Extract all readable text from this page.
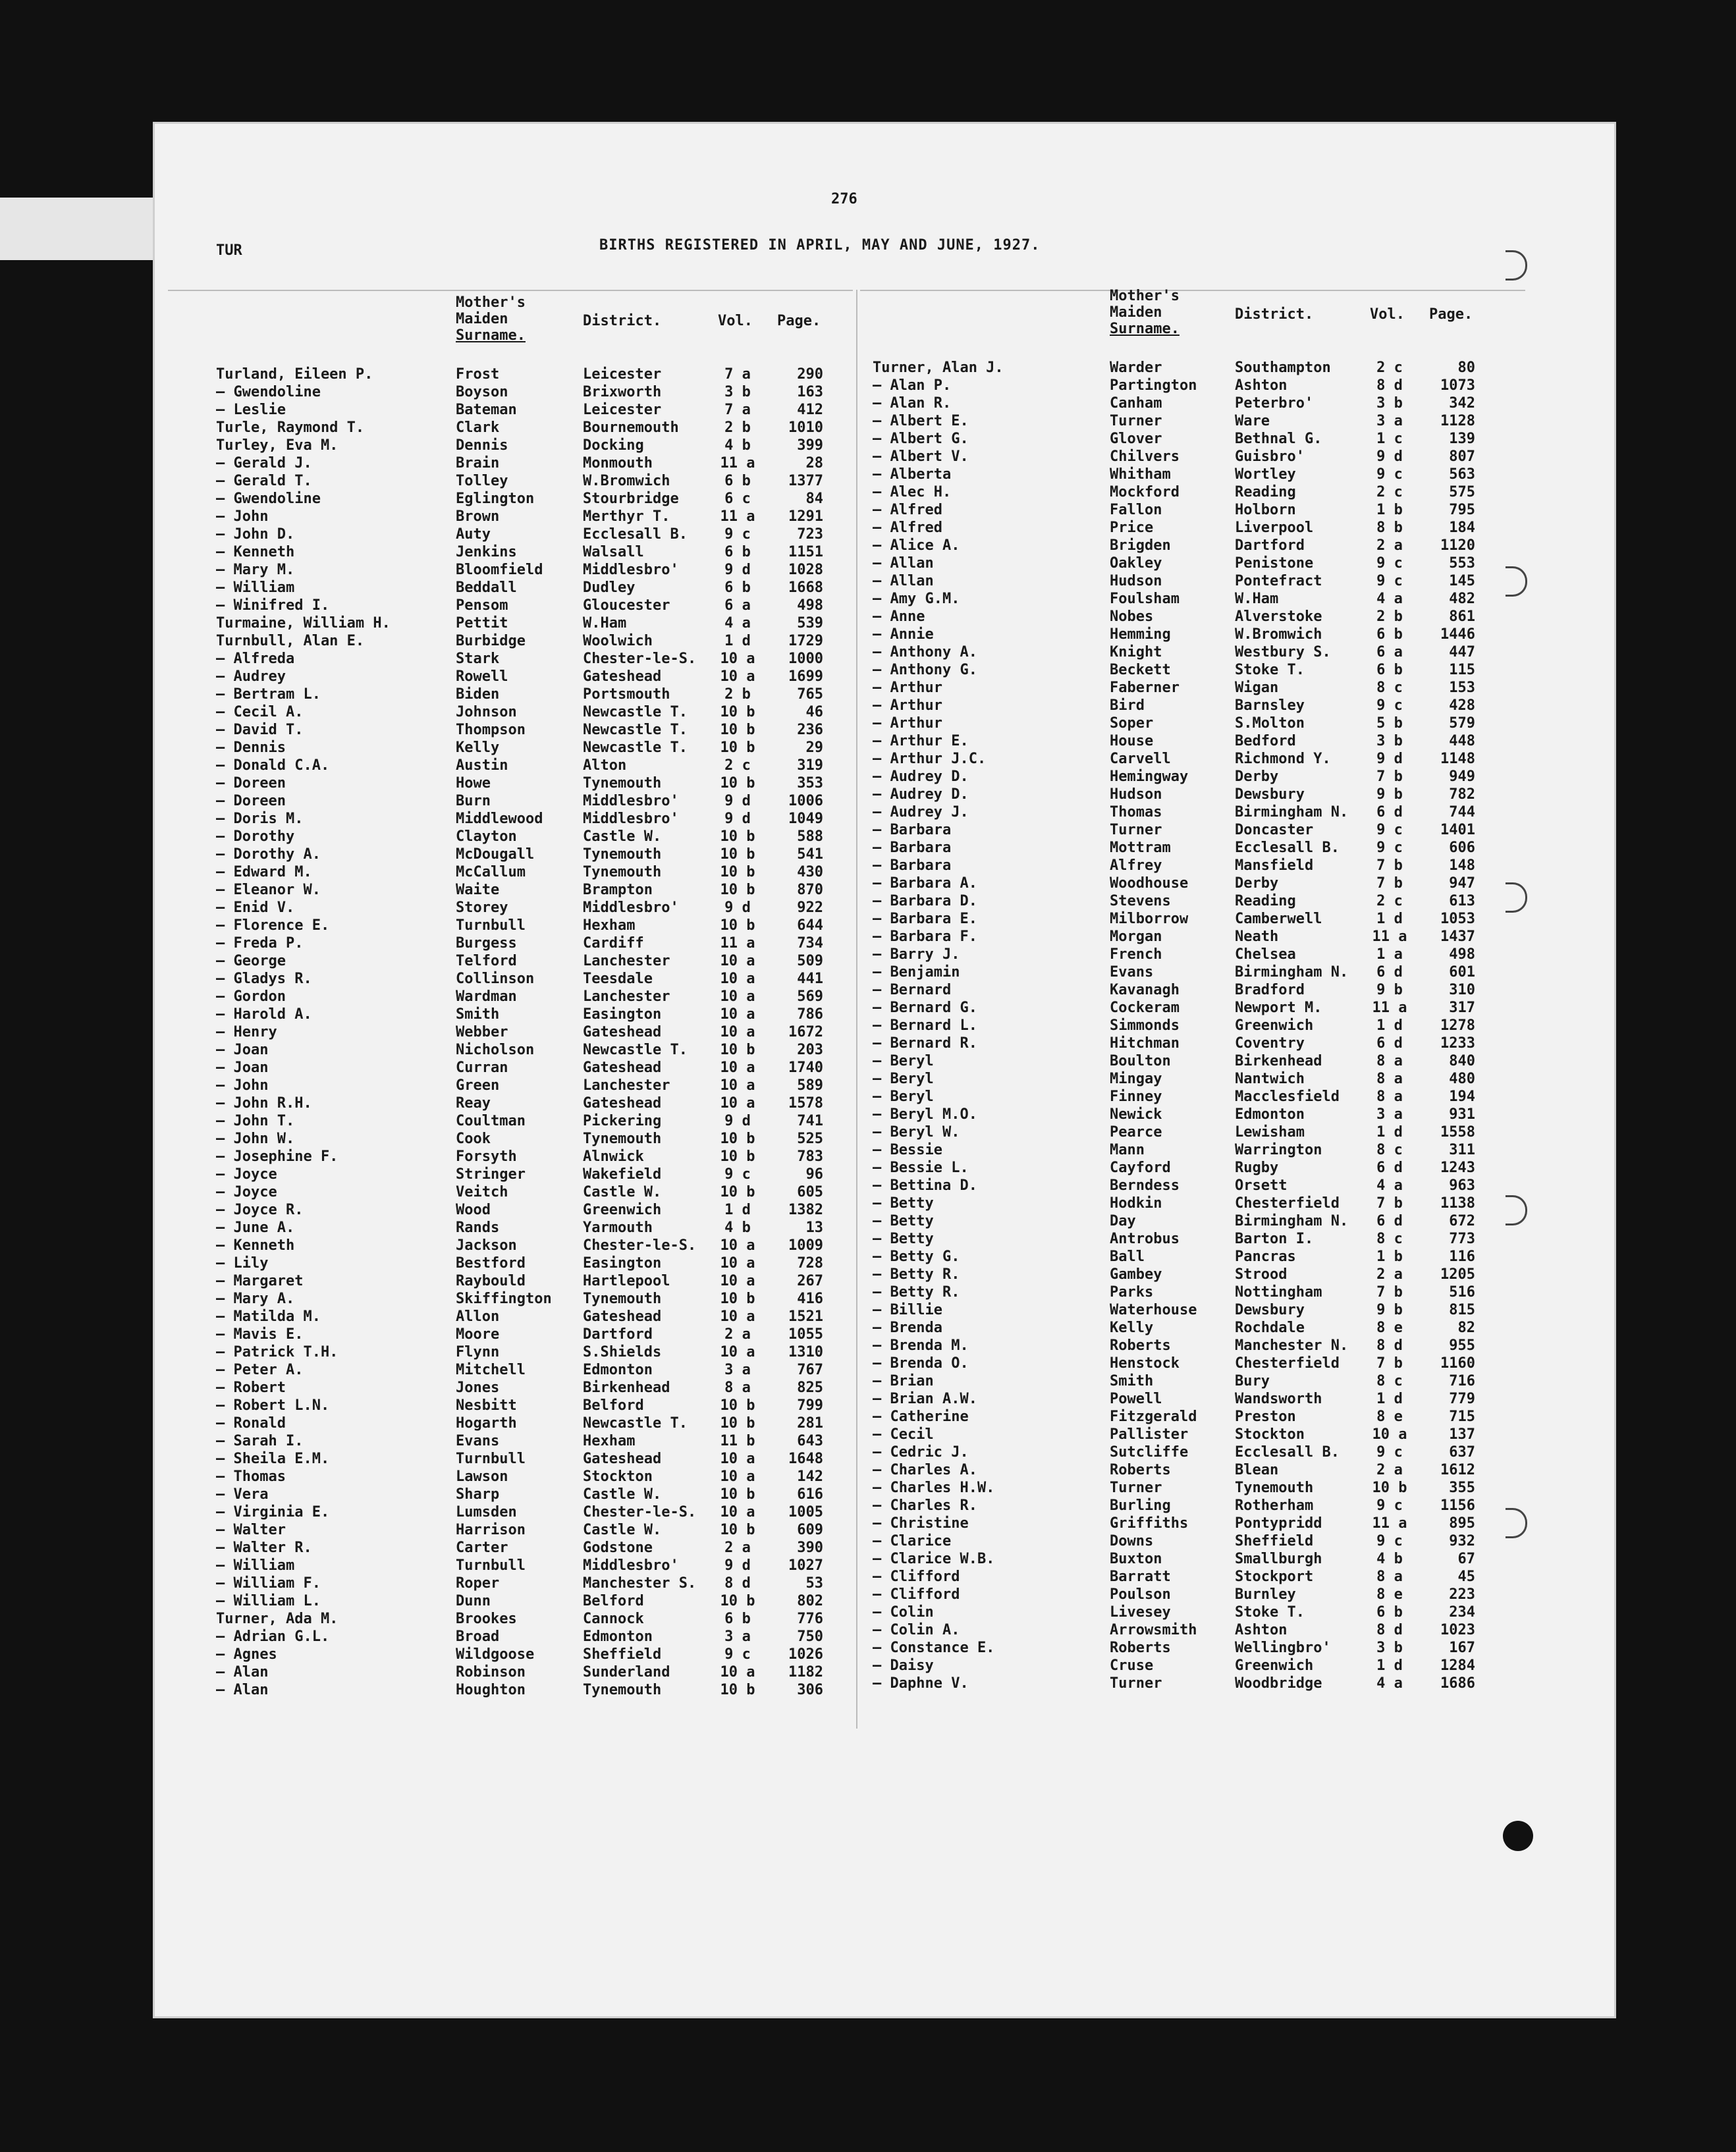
276
TUR	BIRTHS REGISTERED IN APRIL, MAY AND JUNE, 1927.
Mother's
Maiden
Surname.
District.	Vol. Page.
Mother's
Maiden
Surname.
District.	Vol. Page.
Turland, Eileen P.	Frost	Leicester	7 a	290
— Gwendoline	Boyson	Brixworth	3 b	163
— Leslie	Bateman	Leicester	7 a	412
Turle, Raymond T.	Clark	Bournemouth	2 b	1010
Turley, Eva M.	Dennis	Docking	4 b	399
— Gerald J.	Brain	Monmouth	11 a	28
— Gerald T.	Tolley	W.Bromwich	6 b	1377
— Gwendoline	Eglington	Stourbridge	6 c	84
— John	Brown	Merthyr T.	11 a	1291
— John D.	Auty	Ecclesall B.	9 c	723
— Kenneth	Jenkins	Walsall	6 b	1151
— Mary M.	Bloomfield	Middlesbro'	9 d	1028
— William	Beddall	Dudley	6 b	1668
— Winifred I.	Pensom	Gloucester	6 a	498
Turmaine, William H.	Pettit	W.Ham	4 a	539
Turnbull, Alan E.	Burbidge	Woolwich	1 d	1729
— Alfreda	Stark	Chester-le-S. 10 a	1000
— Audrey	Rowell	Gateshead	10 a	1699
— Bertram L.	Biden	Portsmouth	2 b	765
— Cecil A.	Johnson	Newcastle T. 10 b	46
— David T.	Thompson	Newcastle T. 10 b	236
— Dennis	Kelly	Newcastle T. 10 b	29
— Donald C.A.	Austin	Alton	2 c	319
— Doreen	Howe	Tynemouth	10 b	353
— Doreen	Burn	Middlesbro'	9 d	1006
— Doris M.	Middlewood	Middlesbro'	9 d	1049
— Dorothy	Clayton	Castle W.	10 b	588
— Dorothy A.	McDougall	Tynemouth	10 b	541
— Edward M.	McCallum	Tynemouth	10 b	430
— Eleanor W.	Waite	Brampton	10 b	870
— Enid V.	Storey	Middlesbro'	9 d	922
— Florence E.	Turnbull	Hexham	10 b	644
— Freda P.	Burgess	Cardiff	11 a	734
— George	Telford	Lanchester	10 a	509
— Gladys R.	Collinson	Teesdale	10 a	441
— Gordon	Wardman	Lanchester	10 a	569
— Harold A.	Smith	Easington	10 a	786
— Henry	Webber	Gateshead	10 a	1672
— Joan	Nicholson	Newcastle T. 10 b	203
— Joan	Curran	Gateshead	10 a	1740
— John	Green	Lanchester	10 a	589
— John R.H.	Reay	Gateshead	10 a	1578
— John T.	Coultman	Pickering	9 d	741
— John W.	Cook	Tynemouth	10 b	525
— Josephine F.	Forsyth	Alnwick	10 b	783
— Joyce	Stringer	Wakefield	9 c	96
— Joyce	Veitch	Castle W.	10 b	605
— Joyce R.	Wood	Greenwich	1 d	1382
— June A.	Rands	Yarmouth	4 b	13
— Kenneth	Jackson	Chester-le-S. 10 a	1009
— Lily	Bestford	Easington	10 a	728
— Margaret	Raybould	Hartlepool	10 a	267
— Mary A.	Skiffington Tynemouth	10 b	416
— Matilda M.	Allon	Gateshead	10 a	1521
— Mavis E.	Moore	Dartford	2 a	1055
— Patrick T.H.	Flynn	S.Shields	10 a	1310
— Peter A.	Mitchell	Edmonton	3 a	767
— Robert	Jones	Birkenhead	8 a	825
— Robert L.N.	Nesbitt	Belford	10 b	799
— Ronald	Hogarth	Newcastle T. 10 b	281
— Sarah I.	Evans	Hexham	11 b	643
— Sheila E.M.	Turnbull	Gateshead	10 a	1648
— Thomas	Lawson	Stockton	10 a	142
— Vera	Sharp	Castle W.	10 b	616
— Virginia E.	Lumsden	Chester-le-S. 10 a	1005
— Walter	Harrison	Castle W.	10 b	609
— Walter R.	Carter	Godstone	2 a	390
— William	Turnbull	Middlesbro'	9 d	1027
— William F.	Roper	Manchester S.	8 d	53
— William L.	Dunn	Belford	10 b	802
Turner, Ada M.	Brookes	Cannock	6 b	776
— Adrian G.L.	Broad	Edmonton	3 a	750
— Agnes	Wildgoose	Sheffield	9 c	1026
— Alan	Robinson	Sunderland	10 a	1182
— Alan	Houghton	Tynemouth	10 b	306
Turner, Alan J.	Warder	Southampton	2 c	80
— Alan P.	Partington	Ashton	8 d	1073
— Alan R.	Canham	Peterbro'	3 b	342
— Albert E.	Turner	Ware	3 a	1128
— Albert G.	Glover	Bethnal G.	1 c	139
— Albert V.	Chilvers	Guisbro'	9 d	807
— Alberta	Whitham	Wortley	9 c	563
— Alec H.	Mockford	Reading	2 c	575
— Alfred	Fallon	Holborn	1 b	795
— Alfred	Price	Liverpool	8 b	184
— Alice A.	Brigden	Dartford	2 a	1120
— Allan	Oakley	Penistone	9 c	553
— Allan	Hudson	Pontefract	9 c	145
— Amy G.M.	Foulsham	W.Ham	4 a	482
— Anne	Nobes	Alverstoke	2 b	861
— Annie	Hemming	W.Bromwich	6 b	1446
— Anthony A.	Knight	Westbury S.	6 a	447
— Anthony G.	Beckett	Stoke T.	6 b	115
— Arthur	Faberner	Wigan	8 c	153
— Arthur	Bird	Barnsley	9 c	428
— Arthur	Soper	S.Molton	5 b	579
— Arthur E.	House	Bedford	3 b	448
— Arthur J.C.	Carvell	Richmond Y.	9 d	1148
— Audrey D.	Hemingway	Derby	7 b	949
— Audrey D.	Hudson	Dewsbury	9 b	782
— Audrey J.	Thomas	Birmingham N.	6 d	744
— Barbara	Turner	Doncaster	9 c	1401
— Barbara	Mottram	Ecclesall B.	9 c	606
— Barbara	Alfrey	Mansfield	7 b	148
— Barbara A.	Woodhouse	Derby	7 b	947
— Barbara D.	Stevens	Reading	2 c	613
— Barbara E.	Milborrow	Camberwell	1 d	1053
— Barbara F.	Morgan	Neath	11 a	1437
— Barry J.	French	Chelsea	1 a	498
— Benjamin	Evans	Birmingham N.	6 d	601
— Bernard	Kavanagh	Bradford	9 b	310
— Bernard G.	Cockeram	Newport M.	11 a	317
— Bernard L.	Simmonds	Greenwich	1 d	1278
— Bernard R.	Hitchman	Coventry	6 d	1233
— Beryl	Boulton	Birkenhead	8 a	840
— Beryl	Mingay	Nantwich	8 a	480
— Beryl	Finney	Macclesfield	8 a	194
— Beryl M.O.	Newick	Edmonton	3 a	931
— Beryl W.	Pearce	Lewisham	1 d	1558
— Bessie	Mann	Warrington	8 c	311
— Bessie L.	Cayford	Rugby	6 d	1243
— Bettina D.	Berndess	Orsett	4 a	963
— Betty	Hodkin	Chesterfield	7 b	1138
— Betty	Day	Birmingham N.	6 d	672
— Betty	Antrobus	Barton I.	8 c	773
— Betty G.	Ball	Pancras	1 b	116
— Betty R.	Gambey	Strood	2 a	1205
— Betty R.	Parks	Nottingham	7 b	516
— Billie	Waterhouse	Dewsbury	9 b	815
— Brenda	Kelly	Rochdale	8 e	82
— Brenda M.	Roberts	Manchester N.	8 d	955
— Brenda O.	Henstock	Chesterfield	7 b	1160
— Brian	Smith	Bury	8 c	716
— Brian A.W.	Powell	Wandsworth	1 d	779
— Catherine	Fitzgerald	Preston	8 e	715
— Cecil	Pallister	Stockton	10 a	137
— Cedric J.	Sutcliffe	Ecclesall B.	9 c	637
— Charles A.	Roberts	Blean	2 a	1612
— Charles H.W.	Turner	Tynemouth	10 b	355
— Charles R.	Burling	Rotherham	9 c	1156
— Christine	Griffiths	Pontypridd	11 a	895
— Clarice	Downs	Sheffield	9 c	932
— Clarice W.B.	Buxton	Smallburgh	4 b	67
— Clifford	Barratt	Stockport	8 a	45
— Clifford	Poulson	Burnley	8 e	223
— Colin	Livesey	Stoke T.	6 b	234
— Colin A.	Arrowsmith	Ashton	8 d	1023
— Constance E.	Roberts	Wellingbro'	3 b	167
— Daisy	Cruse	Greenwich	1 d	1284
— Daphne V.	Turner	Woodbridge	4 a	1686
